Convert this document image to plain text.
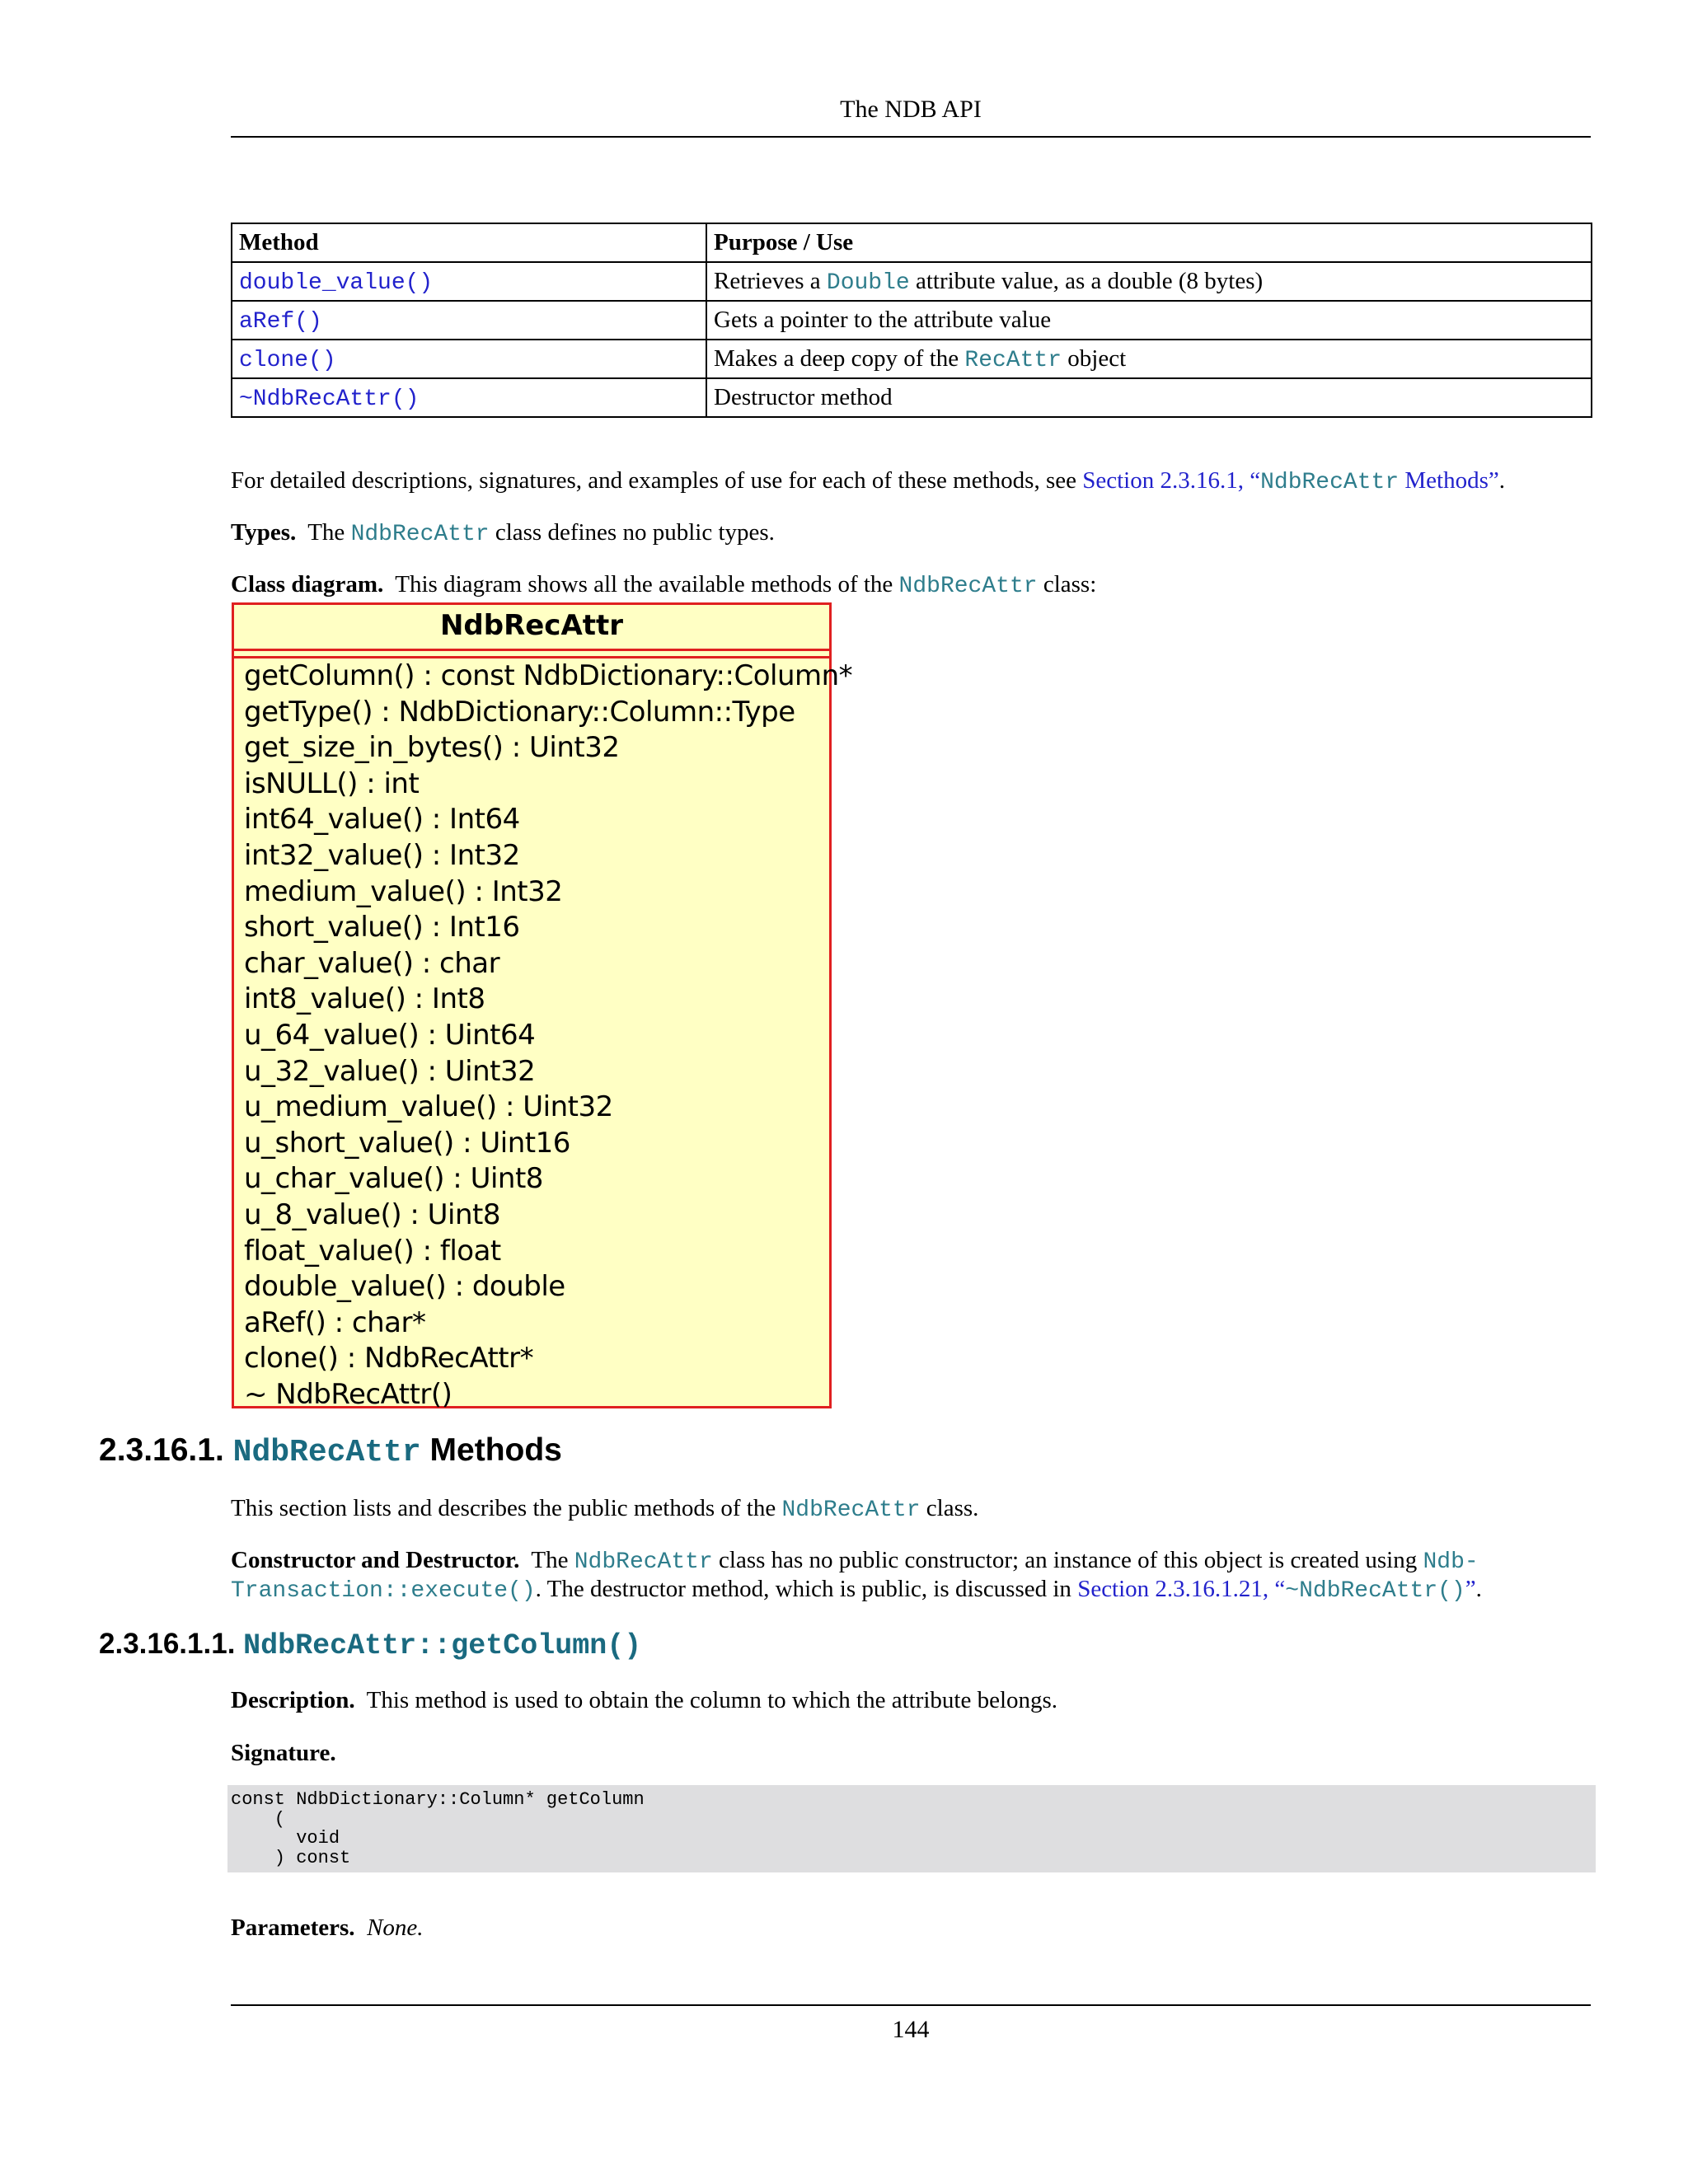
The NDB API
Method	Purpose / Use
double_value()	Retrieves a Double attribute value, as a double (8 bytes)
aRef()	Gets a pointer to the attribute value
clone()	Makes a deep copy of the RecAttr object
~NdbRecAttr()	Destructor method
For detailed descriptions, signatures, and examples of use for each of these methods, see Section 2.3.16.1, “NdbRecAttr Methods”.
Types. The NdbRecAttr class defines no public types.
Class diagram. This diagram shows all the available methods of the NdbRecAttr class:
NdbRecAttr
getColumn() : const NdbDictionary::Column*
getType() : NdbDictionary::Column::Type
get_size_in_bytes() : Uint32
isNULL() : int
int64_value() : Int64
int32_value() : Int32
medium_value() : Int32
short_value() : Int16
char_value() : char
int8_value() : Int8
u_64_value() : Uint64
u_32_value() : Uint32
u_medium_value() : Uint32
u_short_value() : Uint16
u_char_value() : Uint8
u_8_value() : Uint8
float_value() : float
double_value() : double
aRef() : char*
clone() : NdbRecAttr*
~ NdbRecAttr()
2.3.16.1. NdbRecAttr Methods
This section lists and describes the public methods of the NdbRecAttr class.
Constructor and Destructor. The NdbRecAttr class has no public constructor; an instance of this object is created using Ndb-
Transaction::execute(). The destructor method, which is public, is discussed in Section 2.3.16.1.21, “~NdbRecAttr()”.
2.3.16.1.1. NdbRecAttr::getColumn()
Description. This method is used to obtain the column to which the attribute belongs.
Signature.
const NdbDictionary::Column* getColumn
(
void
) const
Parameters. None.
144
